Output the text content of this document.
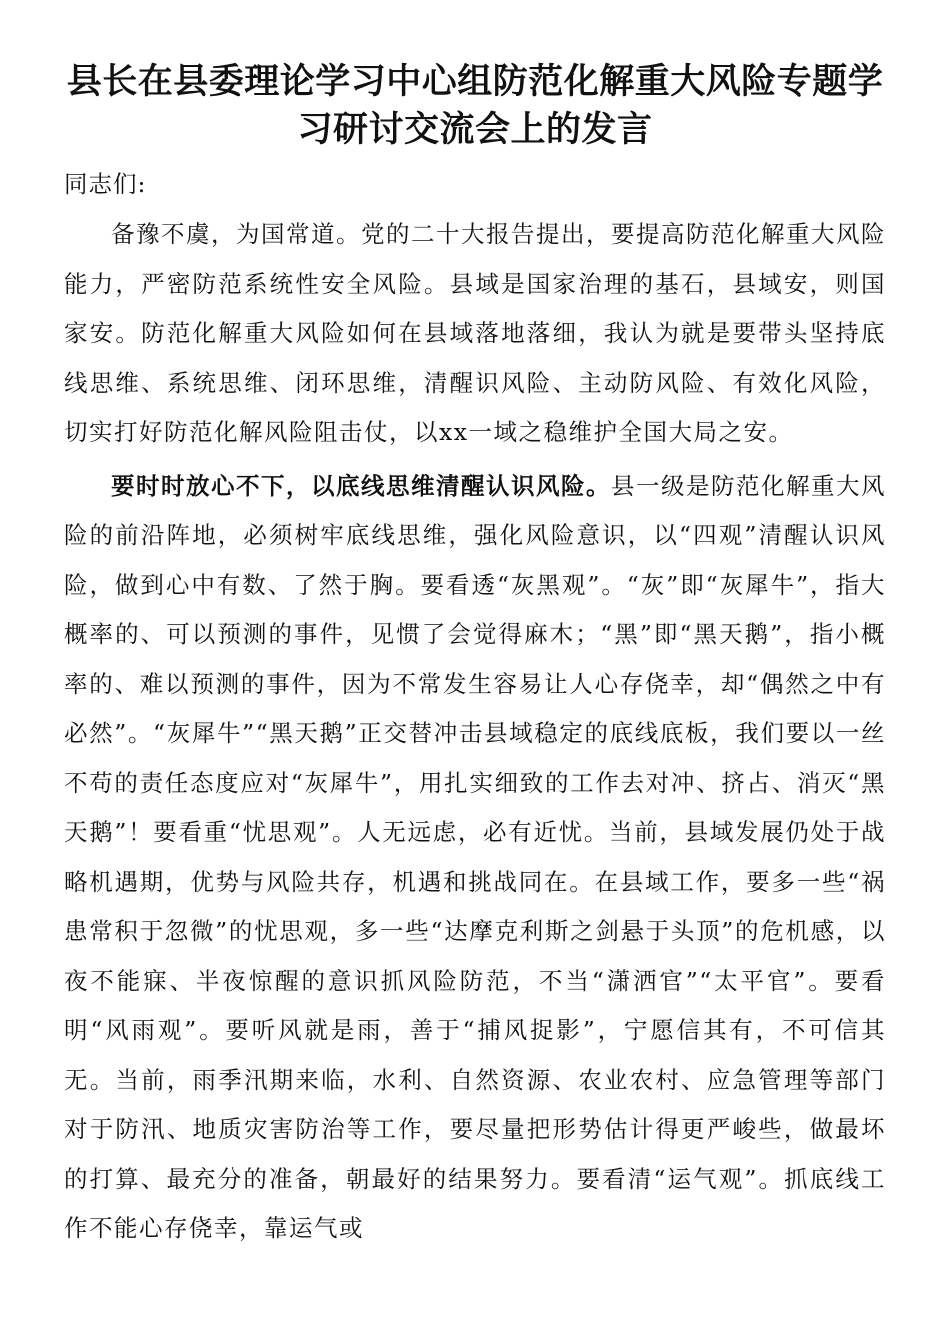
县长在县委理论学习中心组防范化解重大风险专题学习研讨交流会上的发言

同志们:

备豫不虞，为国常道。党的二十大报告提出，要提高防范化解重大风险能力，严密防范系统性安全风险。县域是国家治理的基石，县域安，则国家安。防范化解重大风险如何在县域落地落细，我认为就是要带头坚持底线思维、系统思维、闭环思维，清醒识风险、主动防风险、有效化风险，切实打好防范化解风险阻击仗，以xx一域之稳维护全国大局之安。

要时时放心不下，以底线思维清醒认识风险。县一级是防范化解重大风险的前沿阵地，必须树牢底线思维，强化风险意识，以“四观”清醒认识风险，做到心中有数、了然于胸。要看透“灰黑观”。“灰”即“灰犀牛”，指大概率的、可以预测的事件，见惯了会觉得麻木；“黑”即“黑天鹅”，指小概率的、难以预测的事件，因为不常发生容易让人心存侥幸，却“偶然之中有必然”。“灰犀牛”“黑天鹅”正交替冲击县域稳定的底线底板，我们要以一丝不苟的责任态度应对“灰犀牛”，用扎实细致的工作去对冲、挤占、消灭“黑天鹅”！要看重“忧思观”。人无远虑，必有近忧。当前，县域发展仍处于战略机遇期，优势与风险共存，机遇和挑战同在。在县域工作，要多一些“祸患常积于忽微”的忧思观，多一些“达摩克利斯之剑悬于头顶”的危机感，以夜不能寐、半夜惊醒的意识抓风险防范，不当“潇洒官”“太平官”。要看明“风雨观”。要听风就是雨，善于“捕风捉影”，宁愿信其有，不可信其无。当前，雨季汛期来临，水利、自然资源、农业农村、应急管理等部门对于防汛、地质灾害防治等工作，要尽量把形势估计得更严峻些，做最坏的打算、最充分的准备，朝最好的结果努力。要看清“运气观”。抓底线工作不能心存侥幸，靠运气或
